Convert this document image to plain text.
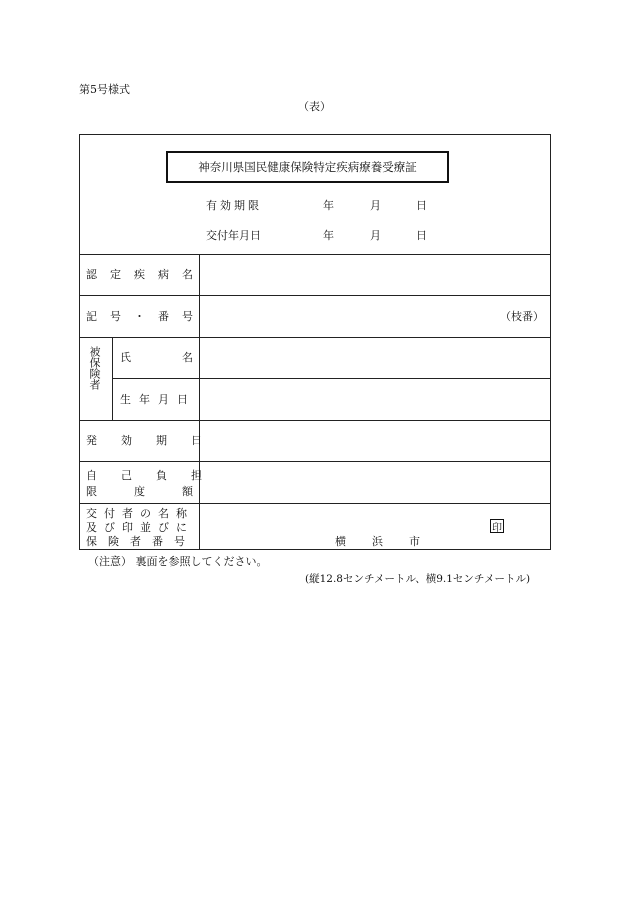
第5号様式
（表）
神奈川県国民健康保険特定疾病療養受療証
有効期限	年	月	日
交付年月日	年	月	日
認定疾病名
記号・番号	（枝番）
被保険者 氏名
生年月日
発効期日
自己負担
限度額
交付者の名称
及び印並びに
保険者番号	横浜市
印
（注意） 裏面を参照してください。
(縦12.8センチメートル、横9.1センチメートル)
